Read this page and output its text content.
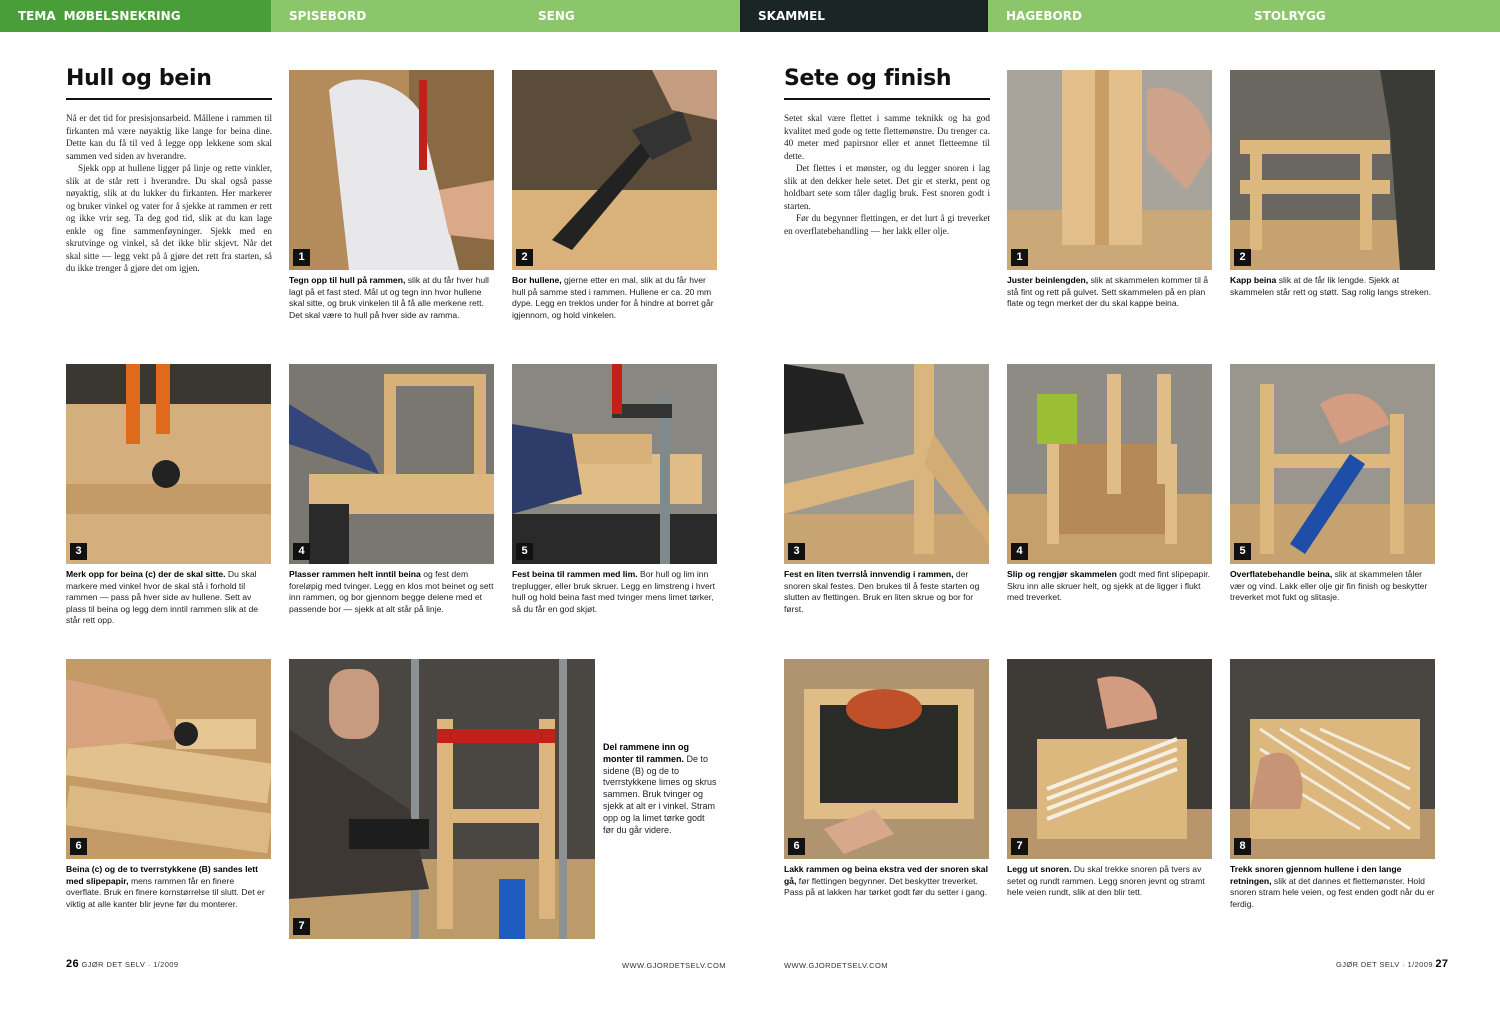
TEMA MØBELSNEKRING	SPISEBORD	SENG	SKAMMEL	HAGEBORD	STOLRYGG
Hull og bein

Nå er det tid for presisjonsarbeid. Mållene i rammen til firkanten må være nøyaktig like lange for beina dine. Dette kan du få til ved å legge opp lekkene som skal sammen ved siden av hverandre.

Sjekk opp at hullene ligger på linje og rette vinkler, slik at de står rett i hverandre. Du skal også passe nøyaktig, slik at du lukker du firkanten. Her markerer og bruker vinkel og vater for å sjekke at rammen er rett og ikke vrir seg. Ta deg god tid, slik at du kan lage enkle og fine sammenføyninger. Sjekk med en skrutvinge og vinkel, så det ikke blir skjevt. Når det skal sitte — legg vekt på å gjøre det rett fra starten, så du ikke trenger å gjøre det om igjen.

1
Tegn opp til hull på rammen, slik at du får hver hull lagt på et fast sted. Mål ut og tegn inn hvor hullene skal sitte, og bruk vinkelen til å få alle merkene rett. Det skal være to hull på hver side av ramma.
2
Bor hullene, gjerne etter en mal, slik at du får hver hull på samme sted i rammen. Hullene er ca. 20 mm dype. Legg en treklos under for å hindre at borret går igjennom, og hold vinkelen.
3
Merk opp for beina (c) der de skal sitte. Du skal markere med vinkel hvor de skal stå i forhold til rammen — pass på hver side av hullene. Sett av plass til beina og legg dem inntil rammen slik at de står rett opp.
4
Plasser rammen helt inntil beina og fest dem foreløpig med tvinger. Legg en klos mot beinet og sett inn rammen, og bor gjennom begge delene med et passende bor — sjekk at alt står på linje.
5
Fest beina til rammen med lim. Bor hull og lim inn treplugger, eller bruk skruer. Legg en limstreng i hvert hull og hold beina fast med tvinger mens limet tørker, så du får en god skjøt.
6
Beina (c) og de to tverrstykkene (B) sandes lett med slipepapir, mens rammen får en finere overflate. Bruk en finere kornstørrelse til slutt. Det er viktig at alle kanter blir jevne før du monterer.
7
Del rammene inn og monter til rammen. De to sidene (B) og de to tverrstykkene limes og skrus sammen. Bruk tvinger og sjekk at alt er i vinkel. Stram opp og la limet tørke godt før du går videre.
26 GJØR DET SELV · 1/2009	WWW.GJORDETSELV.COM
Sete og finish

Setet skal være flettet i samme teknikk og ha god kvalitet med gode og tette flettemønstre. Du trenger ca. 40 meter med papirsnor eller et annet fletteemne til dette.

Det flettes i et mønster, og du legger snoren i lag slik at den dekker hele setet. Det gir et sterkt, pent og holdbart sete som tåler daglig bruk. Fest snoren godt i starten.

Før du begynner flettingen, er det lurt å gi treverket en overflatebehandling — her lakk eller olje.

1
Juster beinlengden, slik at skammelen kommer til å stå fint og rett på gulvet. Sett skammelen på en plan flate og tegn merket der du skal kappe beina.
2
Kapp beina slik at de får lik lengde. Sjekk at skammelen står rett og støtt. Sag rolig langs streken.
3
Fest en liten tverrslå innvendig i rammen, der snoren skal festes. Den brukes til å feste starten og slutten av flettingen. Bruk en liten skrue og bor for først.
4
Slip og rengjør skammelen godt med fint slipepapir. Skru inn alle skruer helt, og sjekk at de ligger i flukt med treverket.
5
Overflatebehandle beina, slik at skammelen tåler vær og vind. Lakk eller olje gir fin finish og beskytter treverket mot fukt og slitasje.
6
Lakk rammen og beina ekstra ved der snoren skal gå, før flettingen begynner. Det beskytter treverket. Pass på at lakken har tørket godt før du setter i gang.
7
Legg ut snoren. Du skal trekke snoren på tvers av setet og rundt rammen. Legg snoren jevnt og stramt hele veien rundt, slik at den blir tett.
8
Trekk snoren gjennom hullene i den lange retningen, slik at det dannes et flettemønster. Hold snoren stram hele veien, og fest enden godt når du er ferdig.
WWW.GJORDETSELV.COM	GJØR DET SELV · 1/2009 27
